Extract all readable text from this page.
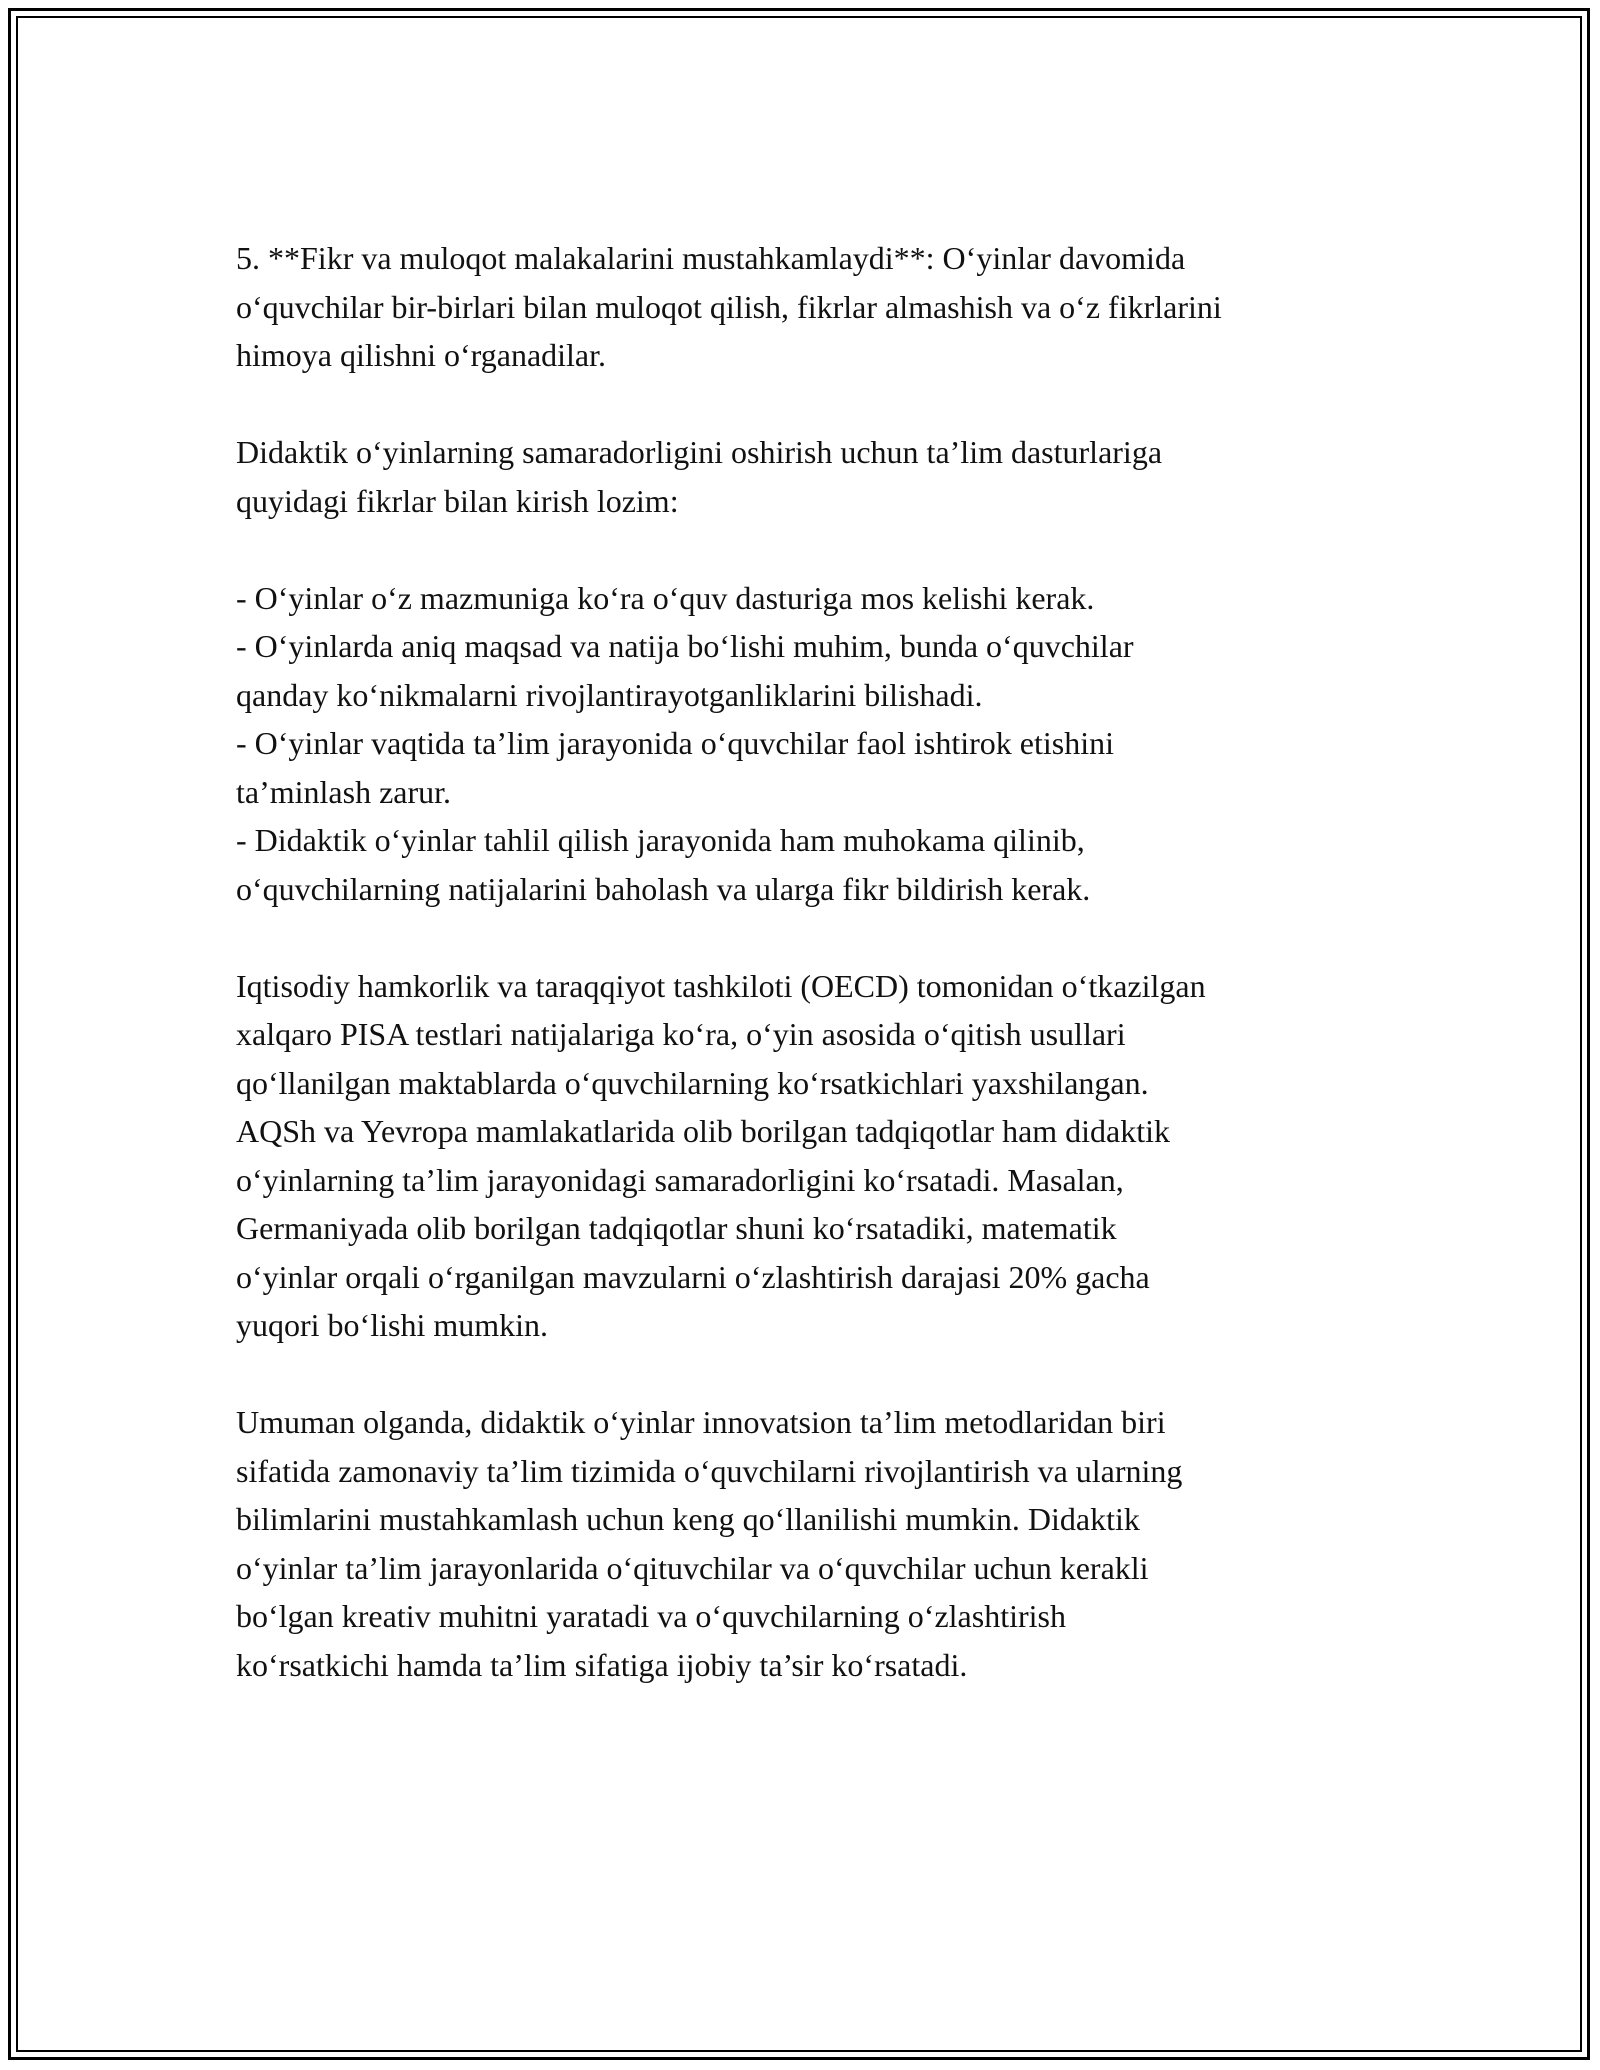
5. **Fikr va muloqot malakalarini mustahkamlaydi**: O‘yinlar davomida
o‘quvchilar bir-birlari bilan muloqot qilish, fikrlar almashish va o‘z fikrlarini
himoya qilishni o‘rganadilar.

Didaktik o‘yinlarning samaradorligini oshirish uchun ta’lim dasturlariga
quyidagi fikrlar bilan kirish lozim:

- O‘yinlar o‘z mazmuniga ko‘ra o‘quv dasturiga mos kelishi kerak.

- O‘yinlarda aniq maqsad va natija bo‘lishi muhim, bunda o‘quvchilar
qanday ko‘nikmalarni rivojlantirayotganliklarini bilishadi.

- O‘yinlar vaqtida ta’lim jarayonida o‘quvchilar faol ishtirok etishini
ta’minlash zarur.

- Didaktik o‘yinlar tahlil qilish jarayonida ham muhokama qilinib,
o‘quvchilarning natijalarini baholash va ularga fikr bildirish kerak.

Iqtisodiy hamkorlik va taraqqiyot tashkiloti (OECD) tomonidan o‘tkazilgan
xalqaro PISA testlari natijalariga ko‘ra, o‘yin asosida o‘qitish usullari
qo‘llanilgan maktablarda o‘quvchilarning ko‘rsatkichlari yaxshilangan.
AQSh va Yevropa mamlakatlarida olib borilgan tadqiqotlar ham didaktik
o‘yinlarning ta’lim jarayonidagi samaradorligini ko‘rsatadi. Masalan,
Germaniyada olib borilgan tadqiqotlar shuni ko‘rsatadiki, matematik
o‘yinlar orqali o‘rganilgan mavzularni o‘zlashtirish darajasi 20% gacha
yuqori bo‘lishi mumkin.

Umuman olganda, didaktik o‘yinlar innovatsion ta’lim metodlaridan biri
sifatida zamonaviy ta’lim tizimida o‘quvchilarni rivojlantirish va ularning
bilimlarini mustahkamlash uchun keng qo‘llanilishi mumkin. Didaktik
o‘yinlar ta’lim jarayonlarida o‘qituvchilar va o‘quvchilar uchun kerakli
bo‘lgan kreativ muhitni yaratadi va o‘quvchilarning o‘zlashtirish
ko‘rsatkichi hamda ta’lim sifatiga ijobiy ta’sir ko‘rsatadi.
